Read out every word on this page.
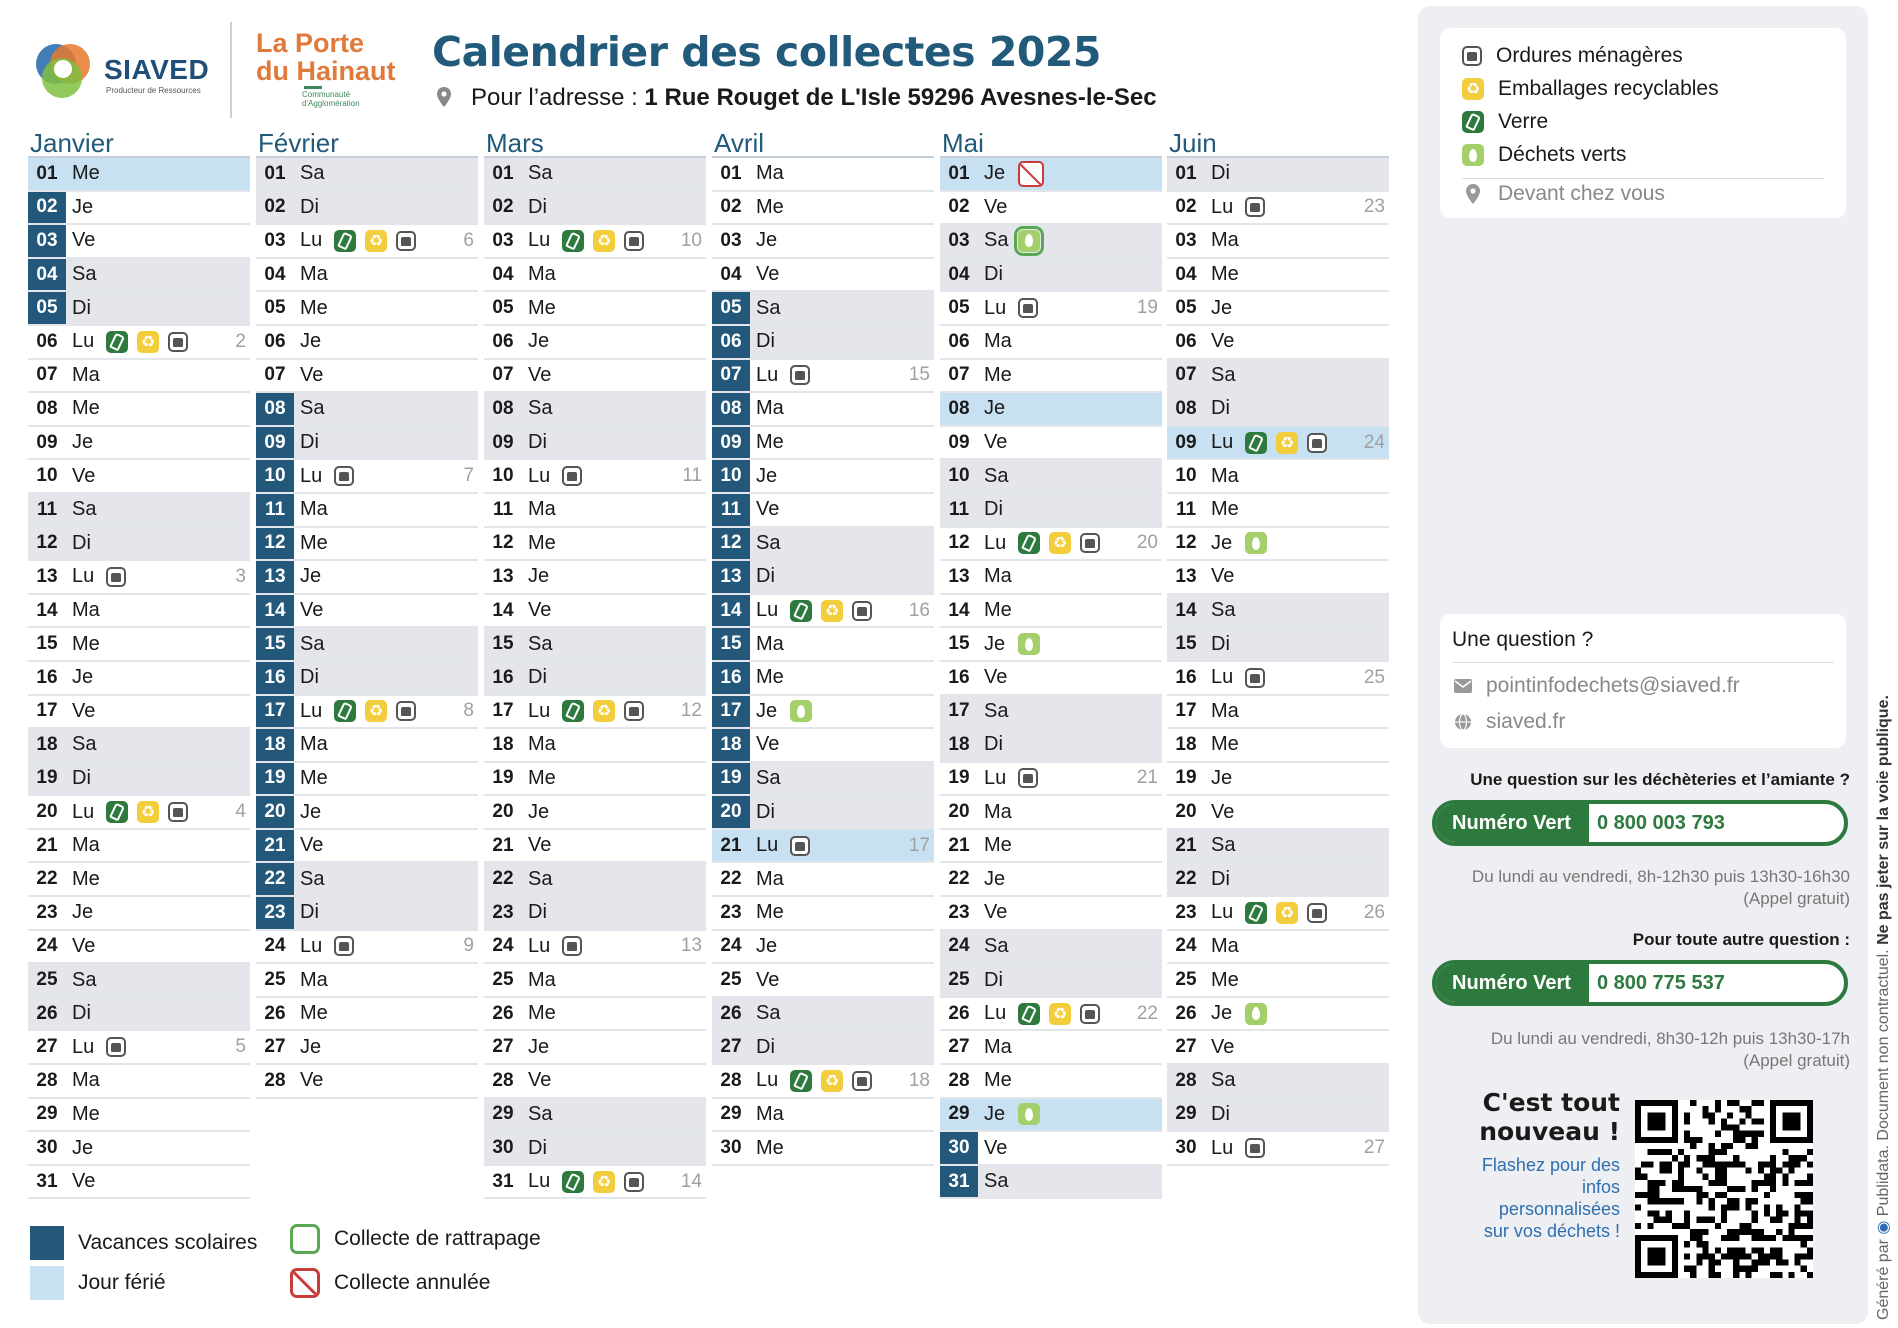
SIAVED
Producteur de Ressources
La Porte
du Hainaut
Communauté d'Agglomération
Calendrier des collectes 2025
Pour l’adresse : 1 Rue Rouget de L'Isle 59296 Avesnes-le-Sec
Janvier
01 Me
02 Je
03 Ve
04 Sa
05 Di
06 Lu ♻	2
07 Ma
08 Me
09 Je
10 Ve
11 Sa
12 Di
13 Lu	3
14 Ma
15 Me
16 Je
17 Ve
18 Sa
19 Di
20 Lu ♻	4
21 Ma
22 Me
23 Je
24 Ve
25 Sa
26 Di
27 Lu	5
28 Ma
29 Me
30 Je
31 Ve
Février
01 Sa
02 Di
03 Lu ♻	6
04 Ma
05 Me
06 Je
07 Ve
08 Sa
09 Di
10 Lu	7
11 Ma
12 Me
13 Je
14 Ve
15 Sa
16 Di
17 Lu ♻	8
18 Ma
19 Me
20 Je
21 Ve
22 Sa
23 Di
24 Lu	9
25 Ma
26 Me
27 Je
28 Ve
Mars
01 Sa
02 Di
03 Lu ♻	10
04 Ma
05 Me
06 Je
07 Ve
08 Sa
09 Di
10 Lu	11
11 Ma
12 Me
13 Je
14 Ve
15 Sa
16 Di
17 Lu ♻	12
18 Ma
19 Me
20 Je
21 Ve
22 Sa
23 Di
24 Lu	13
25 Ma
26 Me
27 Je
28 Ve
29 Sa
30 Di
31 Lu ♻	14
Avril
01 Ma
02 Me
03 Je
04 Ve
05 Sa
06 Di
07 Lu	15
08 Ma
09 Me
10 Je
11 Ve
12 Sa
13 Di
14 Lu ♻	16
15 Ma
16 Me
17 Je
18 Ve
19 Sa
20 Di
21 Lu	17
22 Ma
23 Me
24 Je
25 Ve
26 Sa
27 Di
28 Lu ♻	18
29 Ma
30 Me
Mai
01 Je
02 Ve
03 Sa
04 Di
05 Lu	19
06 Ma
07 Me
08 Je
09 Ve
10 Sa
11 Di
12 Lu ♻	20
13 Ma
14 Me
15 Je
16 Ve
17 Sa
18 Di
19 Lu	21
20 Ma
21 Me
22 Je
23 Ve
24 Sa
25 Di
26 Lu ♻	22
27 Ma
28 Me
29 Je
30 Ve
31 Sa
Juin
01 Di
02 Lu	23
03 Ma
04 Me
05 Je
06 Ve
07 Sa
08 Di
09 Lu ♻	24
10 Ma
11 Me
12 Je
13 Ve
14 Sa
15 Di
16 Lu	25
17 Ma
18 Me
19 Je
20 Ve
21 Sa
22 Di
23 Lu ♻	26
24 Ma
25 Me
26 Je
27 Ve
28 Sa
29 Di
30 Lu	27
Vacances scolaires
Jour férié
Collecte de rattrapage
Collecte annulée
Ordures ménagères
♻
Emballages recyclables
Verre
Déchets verts
Devant chez vous
Une question ?
pointinfodechets@siaved.fr
siaved.fr
Une question sur les déchèteries et l’amiante ?
Numéro Vert	0 800 003 793
Du lundi au vendredi, 8h-12h30 puis 13h30-16h30
(Appel gratuit)
Pour toute autre question :
Numéro Vert	0 800 775 537
Du lundi au vendredi, 8h30-12h puis 13h30-17h
(Appel gratuit)
C'est tout
nouveau !
Flashez pour des
infos
personnalisées
sur vos déchets !
Généré par ◉ Publidata. Document non contractuel. Ne pas jeter sur la voie publique.
